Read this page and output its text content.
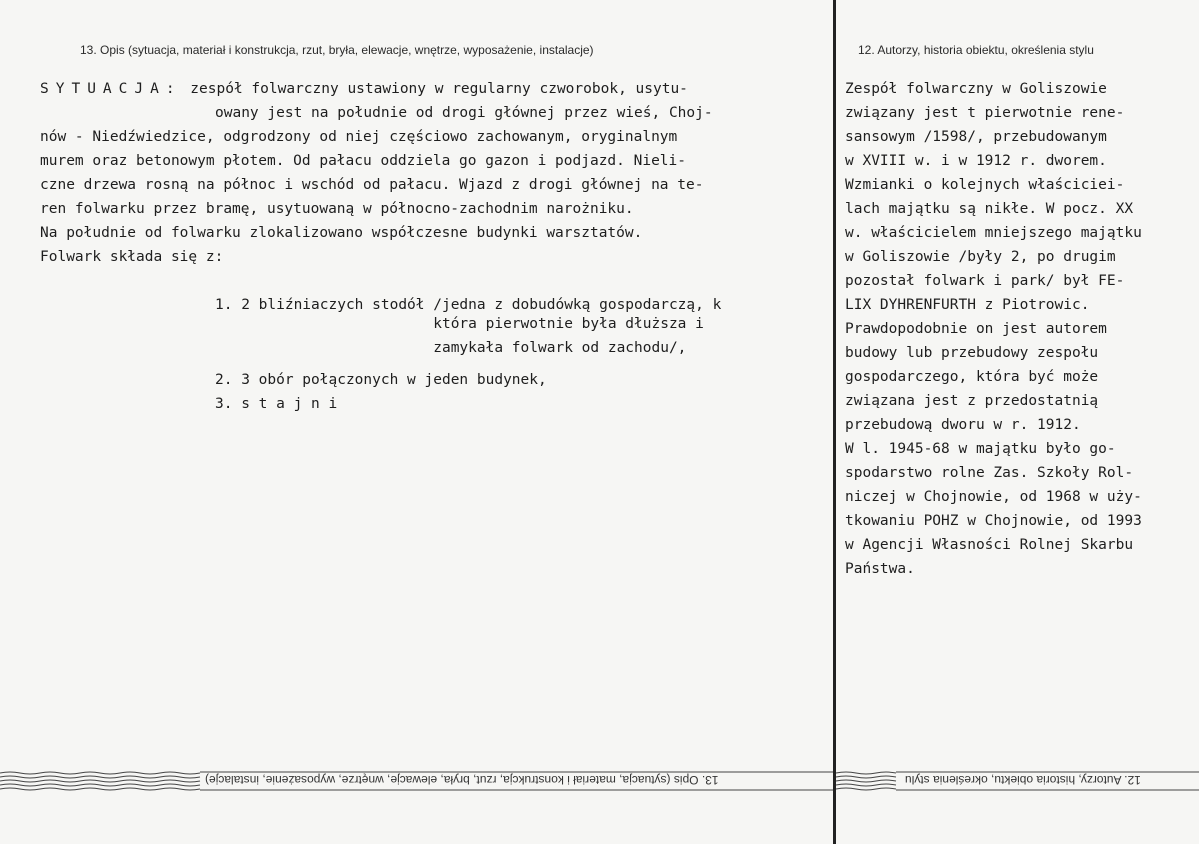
13. Opis (sytuacja, materiał i konstrukcja, rzut, bryła, elewacje, wnętrze, wyposażenie, instalacje)	12. Autorzy, historia obiektu, określenia stylu
SYTUACJA: zespół folwarczny ustawiony w regularny czworobok, usytu-
owany jest na południe od drogi głównej przez wieś, Choj-
nów - Niedźwiedzice, odgrodzony od niej częściowo zachowanym, oryginalnym
murem oraz betonowym płotem. Od pałacu oddziela go gazon i podjazd. Nieli-
czne drzewa rosną na północ i wschód od pałacu. Wjazd z drogi głównej na te-
ren folwarku przez bramę, usytuowaną w północno-zachodnim narożniku.
Na południe od folwarku zlokalizowano współczesne budynki warsztatów.
Folwark składa się z:
1. 2 bliźniaczych stodół /jedna z dobudówką gospodarczą, k
która pierwotnie była dłuższa i
zamykała folwark od zachodu/,
2. 3 obór połączonych w jeden budynek,
3. s t a j n i
Zespół folwarczny w Goliszowie
związany jest t pierwotnie rene-
sansowym /1598/, przebudowanym
w XVIII w. i w 1912 r. dworem.
Wzmianki o kolejnych właściciei-
lach majątku są nikłe. W pocz. XX
w. właścicielem mniejszego majątku
w Goliszowie /były 2, po drugim
pozostał folwark i park/ był FE-
LIX DYHRENFURTH z Piotrowic.
Prawdopodobnie on jest autorem
budowy lub przebudowy zespołu
gospodarczego, która być może
związana jest z przedostatnią
przebudową dworu w r. 1912.
W l. 1945-68 w majątku było go-
spodarstwo rolne Zas. Szkoły Rol-
niczej w Chojnowie, od 1968 w uży-
tkowaniu POHZ w Chojnowie, od 1993
w Agencji Własności Rolnej Skarbu
Państwa.
13. Opis (sytuacja, materiał i konstrukcja, rzut, bryła, elewacje, wnętrze, wyposażenie, instalacje)	12. Autorzy, historia obiektu, określenia stylu
